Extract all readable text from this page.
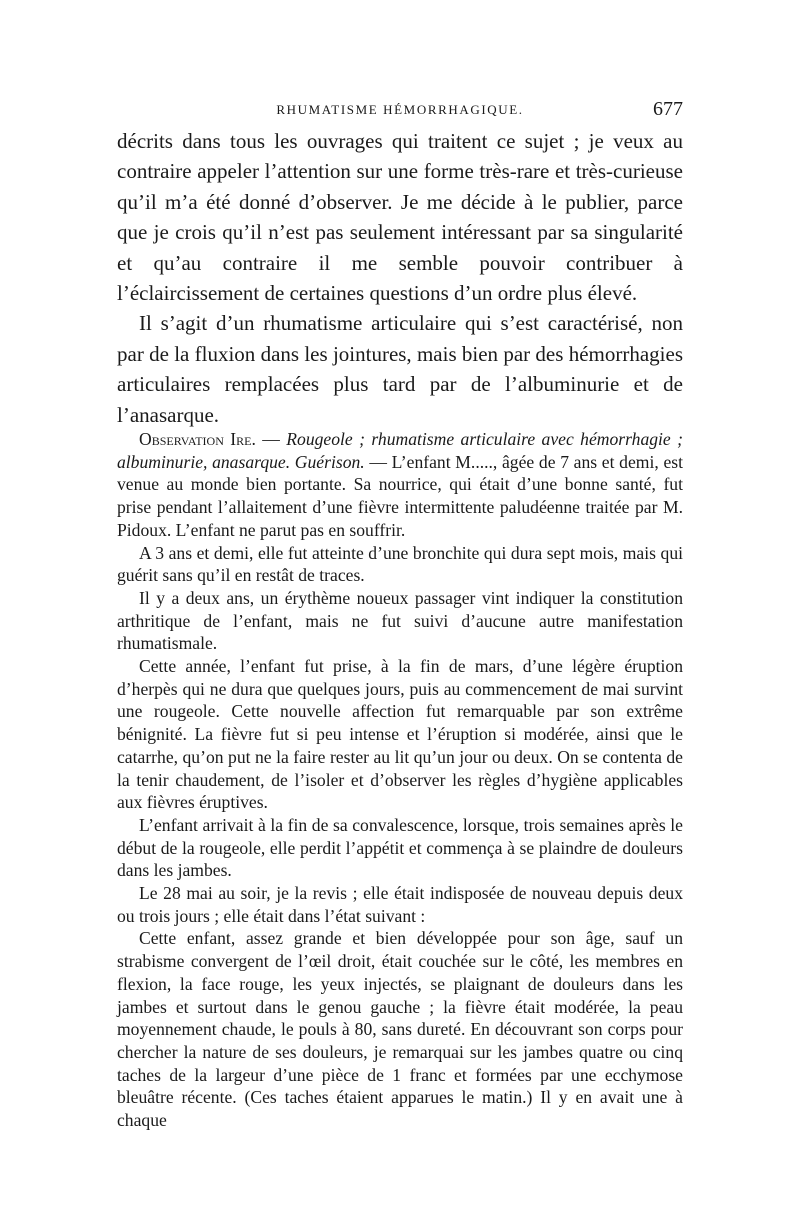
RHUMATISME HÉMORRHAGIQUE.	677

décrits dans tous les ouvrages qui traitent ce sujet ; je veux au contraire appeler l’attention sur une forme très-rare et très-curieuse qu’il m’a été donné d’observer. Je me décide à le publier, parce que je crois qu’il n’est pas seulement intéressant par sa singularité et qu’au contraire il me semble pouvoir contribuer à l’éclaircissement de certaines questions d’un ordre plus élevé.

Il s’agit d’un rhumatisme articulaire qui s’est caractérisé, non par de la fluxion dans les jointures, mais bien par des hémorrhagies articulaires remplacées plus tard par de l’albuminurie et de l’anasarque.

Observation Ire. — Rougeole ; rhumatisme articulaire avec hémorrhagie ; albuminurie, anasarque. Guérison. — L’enfant M....., âgée de 7 ans et demi, est venue au monde bien portante. Sa nourrice, qui était d’une bonne santé, fut prise pendant l’allaitement d’une fièvre intermittente paludéenne traitée par M. Pidoux. L’enfant ne parut pas en souffrir.

A 3 ans et demi, elle fut atteinte d’une bronchite qui dura sept mois, mais qui guérit sans qu’il en restât de traces.

Il y a deux ans, un érythème noueux passager vint indiquer la constitution arthritique de l’enfant, mais ne fut suivi d’aucune autre manifestation rhumatismale.

Cette année, l’enfant fut prise, à la fin de mars, d’une légère éruption d’herpès qui ne dura que quelques jours, puis au commencement de mai survint une rougeole. Cette nouvelle affection fut remarquable par son extrême bénignité. La fièvre fut si peu intense et l’éruption si modérée, ainsi que le catarrhe, qu’on put ne la faire rester au lit qu’un jour ou deux. On se contenta de la tenir chaudement, de l’isoler et d’observer les règles d’hygiène applicables aux fièvres éruptives.

L’enfant arrivait à la fin de sa convalescence, lorsque, trois semaines après le début de la rougeole, elle perdit l’appétit et commença à se plaindre de douleurs dans les jambes.

Le 28 mai au soir, je la revis ; elle était indisposée de nouveau depuis deux ou trois jours ; elle était dans l’état suivant :

Cette enfant, assez grande et bien développée pour son âge, sauf un strabisme convergent de l’œil droit, était couchée sur le côté, les membres en flexion, la face rouge, les yeux injectés, se plaignant de douleurs dans les jambes et surtout dans le genou gauche ; la fièvre était modérée, la peau moyennement chaude, le pouls à 80, sans dureté. En découvrant son corps pour chercher la nature de ses douleurs, je remarquai sur les jambes quatre ou cinq taches de la largeur d’une pièce de 1 franc et formées par une ecchymose bleuâtre récente. (Ces taches étaient apparues le matin.) Il y en avait une à chaque
